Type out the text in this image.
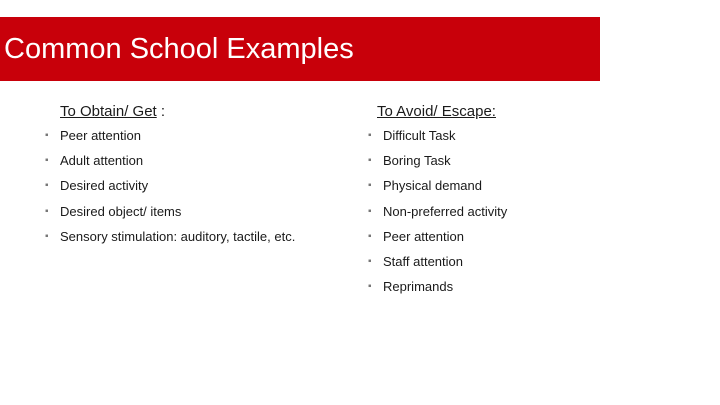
Common School Examples
To Obtain/ Get :
▪ Peer attention
▪ Adult attention
▪ Desired activity
▪ Desired object/ items
▪ Sensory stimulation: auditory, tactile, etc.
To Avoid/ Escape:
▪ Difficult Task
▪ Boring Task
▪ Physical demand
▪ Non-preferred activity
▪ Peer attention
▪ Staff attention
▪ Reprimands
